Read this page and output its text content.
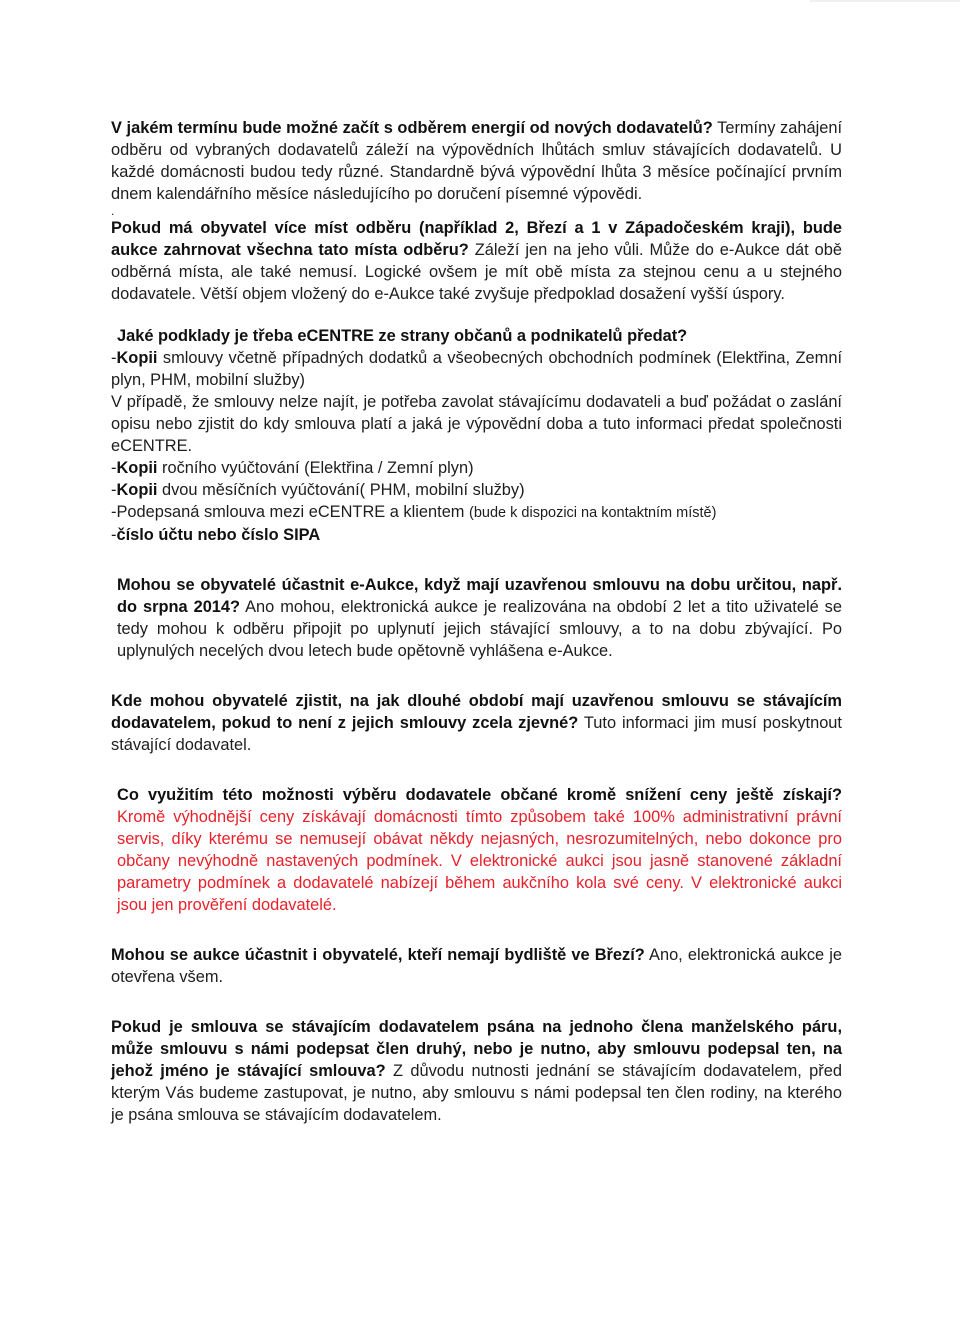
V jakém termínu bude možné začít s odběrem energií od nových dodavatelů? Termíny zahájení odběru od vybraných dodavatelů záleží na výpovědních lhůtách smluv stávajících dodavatelů. U každé domácnosti budou tedy různé. Standardně bývá výpovědní lhůta 3 měsíce počínající prvním dnem kalendářního měsíce následujícího po doručení písemné výpovědi.

.

Pokud má obyvatel více míst odběru (například 2, Březí a 1 v Západočeském kraji), bude aukce zahrnovat všechna tato místa odběru? Záleží jen na jeho vůli. Může do e-Aukce dát obě odběrná místa, ale také nemusí. Logické ovšem je mít obě místa za stejnou cenu a u stejného dodavatele. Větší objem vložený do e-Aukce také zvyšuje předpoklad dosažení vyšší úspory.

Jaké podklady je třeba eCENTRE ze strany občanů a podnikatelů předat?

-Kopii smlouvy včetně případných dodatků a všeobecných obchodních podmínek (Elektřina, Zemní plyn, PHM, mobilní služby)

V případě, že smlouvy nelze najít, je potřeba zavolat stávajícímu dodavateli a buď požádat o zaslání opisu nebo zjistit do kdy smlouva platí a jaká je výpovědní doba a tuto informaci předat společnosti eCENTRE.

-Kopii ročního vyúčtování (Elektřina / Zemní plyn)

-Kopii dvou měsíčních vyúčtování( PHM, mobilní služby)

-Podepsaná smlouva mezi eCENTRE a klientem (bude k dispozici na kontaktním místě)

-číslo účtu nebo číslo SIPA

Mohou se obyvatelé účastnit e-Aukce, když mají uzavřenou smlouvu na dobu určitou, např. do srpna 2014? Ano mohou, elektronická aukce je realizována na období 2 let a tito uživatelé se tedy mohou k odběru připojit po uplynutí jejich stávající smlouvy, a to na dobu zbývající. Po uplynulých necelých dvou letech bude opětovně vyhlášena e-Aukce.

Kde mohou obyvatelé zjistit, na jak dlouhé období mají uzavřenou smlouvu se stávajícím dodavatelem, pokud to není z jejich smlouvy zcela zjevné? Tuto informaci jim musí poskytnout stávající dodavatel.

Co využitím této možnosti výběru dodavatele občané kromě snížení ceny ještě získají? Kromě výhodnější ceny získávají domácnosti tímto způsobem také 100% administrativní právní servis, díky kterému se nemusejí obávat někdy nejasných, nesrozumitelných, nebo dokonce pro občany nevýhodně nastavených podmínek. V elektronické aukci jsou jasně stanovené základní parametry podmínek a dodavatelé nabízejí během aukčního kola své ceny. V elektronické aukci jsou jen prověření dodavatelé.

Mohou se aukce účastnit i obyvatelé, kteří nemají bydliště ve Březí? Ano, elektronická aukce je otevřena všem.

Pokud je smlouva se stávajícím dodavatelem psána na jednoho člena manželského páru, může smlouvu s námi podepsat člen druhý, nebo je nutno, aby smlouvu podepsal ten, na jehož jméno je stávající smlouva? Z důvodu nutnosti jednání se stávajícím dodavatelem, před kterým Vás budeme zastupovat, je nutno, aby smlouvu s námi podepsal ten člen rodiny, na kterého je psána smlouva se stávajícím dodavatelem.
